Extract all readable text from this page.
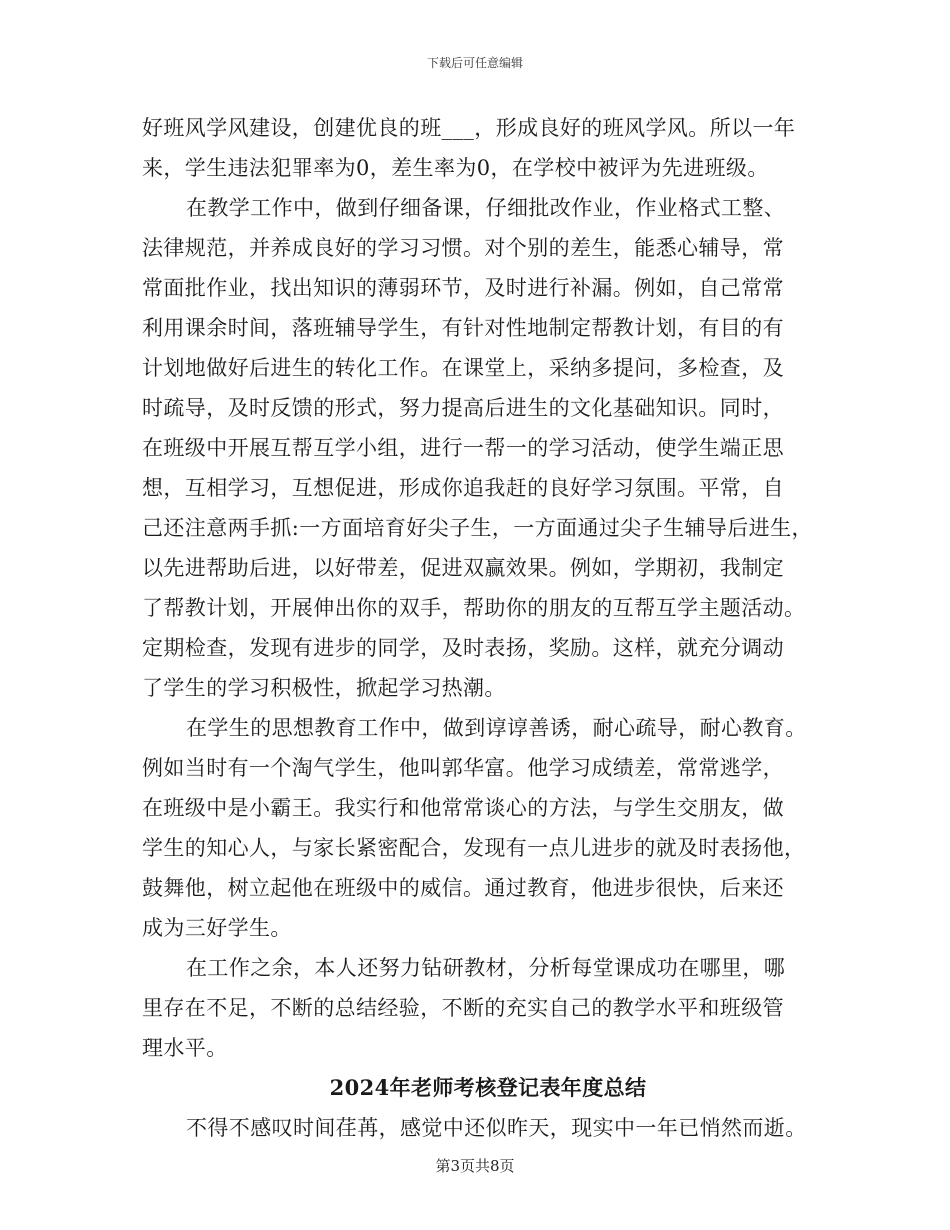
下载后可任意编辑
好班风学风建设，创建优良的班___，形成良好的班风学风。所以一年
来，学生违法犯罪率为0，差生率为0，在学校中被评为先进班级。
在教学工作中，做到仔细备课，仔细批改作业，作业格式工整、
法律规范，并养成良好的学习习惯。对个别的差生，能悉心辅导，常
常面批作业，找出知识的薄弱环节，及时进行补漏。例如，自己常常
利用课余时间，落班辅导学生，有针对性地制定帮教计划，有目的有
计划地做好后进生的转化工作。在课堂上，采纳多提问，多检查，及
时疏导，及时反馈的形式，努力提高后进生的文化基础知识。同时，
在班级中开展互帮互学小组，进行一帮一的学习活动，使学生端正思
想，互相学习，互想促进，形成你追我赶的良好学习氛围。平常，自
己还注意两手抓:一方面培育好尖子生，一方面通过尖子生辅导后进生，
以先进帮助后进，以好带差，促进双赢效果。例如，学期初，我制定
了帮教计划，开展伸出你的双手，帮助你的朋友的互帮互学主题活动。
定期检查，发现有进步的同学，及时表扬，奖励。这样，就充分调动
了学生的学习积极性，掀起学习热潮。
在学生的思想教育工作中，做到谆谆善诱，耐心疏导，耐心教育。
例如当时有一个淘气学生，他叫郭华富。他学习成绩差，常常逃学，
在班级中是小霸王。我实行和他常常谈心的方法，与学生交朋友，做
学生的知心人，与家长紧密配合，发现有一点儿进步的就及时表扬他，
鼓舞他，树立起他在班级中的威信。通过教育，他进步很快，后来还
成为三好学生。
在工作之余，本人还努力钻研教材，分析每堂课成功在哪里，哪
里存在不足，不断的总结经验，不断的充实自己的教学水平和班级管
理水平。
2024年老师考核登记表年度总结
不得不感叹时间荏苒，感觉中还似昨天，现实中一年已悄然而逝。
第3页共8页
